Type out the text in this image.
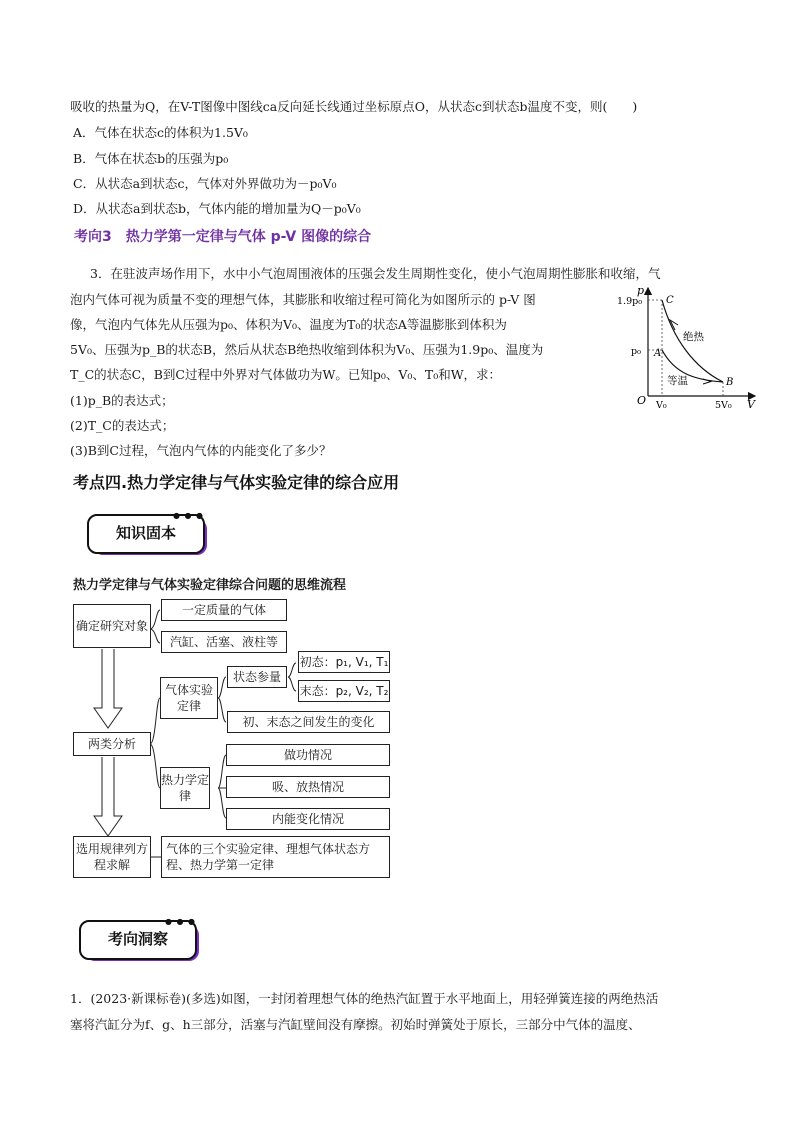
吸收的热量为Q，在V-T图像中图线ca反向延长线通过坐标原点O，从状态c到状态b温度不变，则(　　)
A．气体在状态c的体积为1.5V₀
B．气体在状态b的压强为p₀
C．从状态a到状态c，气体对外界做功为－p₀V₀
D．从状态a到状态b，气体内能的增加量为Q－p₀V₀
考向3　热力学第一定律与气体 p-V 图像的综合
3．在驻波声场作用下，水中小气泡周围液体的压强会发生周期性变化，使小气泡周期性膨胀和收缩，气
泡内气体可视为质量不变的理想气体，其膨胀和收缩过程可简化为如图所示的 p-V 图
像，气泡内气体先从压强为p₀、体积为V₀、温度为T₀的状态A等温膨胀到体积为
5V₀、压强为p_B的状态B，然后从状态B绝热收缩到体积为V₀、压强为1.9p₀、温度为
T_C的状态C，B到C过程中外界对气体做功为W。已知p₀、V₀、T₀和W，求：
(1)p_B的表达式；
(2)T_C的表达式；
(3)B到C过程，气泡内气体的内能变化了多少？
p
V
O
1.9p₀
p₀
V₀	5V₀
C
A
B
绝热
等温
考点四.热力学定律与气体实验定律的综合应用
● ● ●
知识固本
热力学定律与气体实验定律综合问题的思维流程
确定研究对象
一定质量的气体
汽缸、活塞、液柱等
两类分析
气体实验定律
状态参量
初态：p₁, V₁, T₁
末态：p₂, V₂, T₂
初、末态之间发生的变化
热力学定律
做功情况
吸、放热情况
内能变化情况
选用规律列方程求解
气体的三个实验定律、理想气体状态方程、热力学第一定律
● ● ●
考向洞察
1．(2023·新课标卷)(多选)如图，一封闭着理想气体的绝热汽缸置于水平地面上，用轻弹簧连接的两绝热活
塞将汽缸分为f、g、h三部分，活塞与汽缸壁间没有摩擦。初始时弹簧处于原长，三部分中气体的温度、
